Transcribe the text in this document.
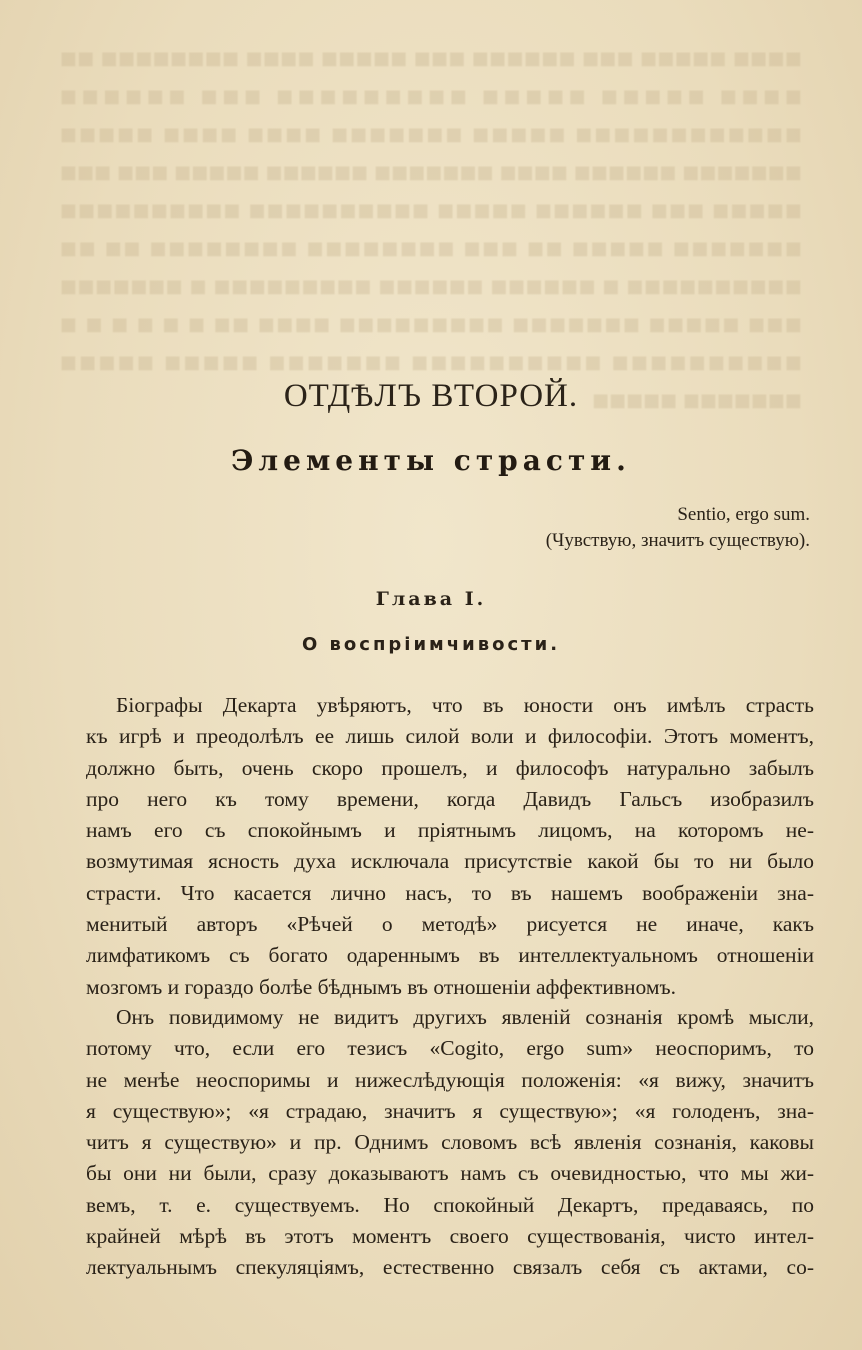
■■■■ ■■■■■ ■■■ ■■■■■■ ■■■ ■■■■■ ■■■■ ■■■■■■■■ ■■ ■■■■ ■■■■■ ■■■■■ ■■■■■■■■■ ■■■ ■■■■■■ ■■■■■■■■■■■■ ■■■■■ ■■■■■■■ ■■■■ ■■■■ ■■■■■ ■■■■■■■ ■■■■■■ ■■■■ ■■■■■■■ ■■■■■■ ■■■■■ ■■■ ■■■ ■■■■■ ■■■ ■■■■■■ ■■■■■ ■■■■■■■■■■ ■■■■■■■■■■ ■■■■■■■ ■■■■■ ■■ ■■■ ■■■■■■■■ ■■■■■■■■ ■■ ■■ ■■■■■■■■■■ ■ ■■■■■■ ■■■■■■ ■■■■■■■■■ ■ ■■■■■■■ ■■■ ■■■■■ ■■■■■■■ ■■■■■■■■■ ■■■■ ■■ ■ ■ ■ ■ ■ ■ ■■■■■■■■■■ ■■■■■■■■■■ ■■■■■■■ ■■■■■ ■■■■■ ■■■■■■■ ■■■■■
ОТДѢЛЪ ВТОРОЙ.
Элементы страсти.
Sentio, ergo sum.
(Чувствую, значитъ существую).
Глава I.
О воспріимчивости.
Біографы Декарта увѣряютъ, что въ юности онъ имѣлъ страсть
къ игрѣ и преодолѣлъ ее лишь силой воли и философіи. Этотъ моментъ,
должно быть, очень скоро прошелъ, и философъ натурально забылъ
про него къ тому времени, когда Давидъ Гальсъ изобразилъ
намъ его съ спокойнымъ и пріятнымъ лицомъ, на которомъ не-
возмутимая ясность духа исключала присутствіе какой бы то ни было
страсти. Что касается лично насъ, то въ нашемъ воображеніи зна-
менитый авторъ «Рѣчей о методѣ» рисуется не иначе, какъ
лимфатикомъ съ богато одареннымъ въ интеллектуальномъ отношеніи
мозгомъ и гораздо болѣе бѣднымъ въ отношеніи аффективномъ.
Онъ повидимому не видитъ другихъ явленій сознанія кромѣ мысли,
потому что, если его тезисъ «Cogito, ergo sum» неоспоримъ, то
не менѣе неоспоримы и нижеслѣдующія положенія: «я вижу, значитъ
я существую»; «я страдаю, значитъ я существую»; «я голоденъ, зна-
читъ я существую» и пр. Однимъ словомъ всѣ явленія сознанія, каковы
бы они ни были, сразу доказываютъ намъ съ очевидностью, что мы жи-
вемъ, т. е. существуемъ. Но спокойный Декартъ, предаваясь, по
крайней мѣрѣ въ этотъ моментъ своего существованія, чисто интел-
лектуальнымъ спекуляціямъ, естественно связалъ себя съ актами, со-
